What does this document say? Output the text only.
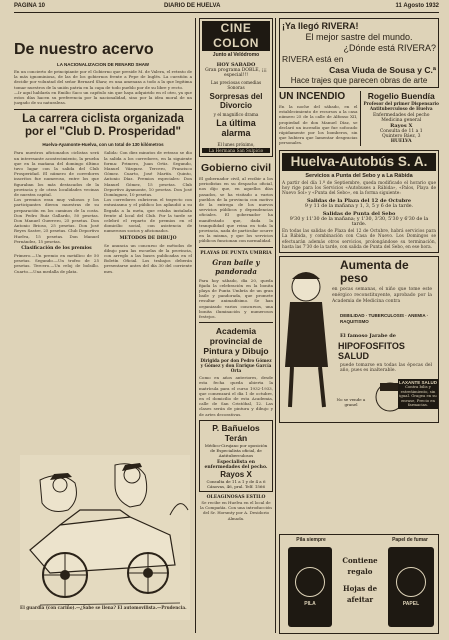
PAGINA 10	DIARIO DE HUELVA	11 Agosto 1932
De nuestro acervo
LA NACIONALIZACION DE RENARD SHAW
En un concierto de principiante por el Gobierno que preside M. de Valera, el retrato de la más ignominiosa, de las de los gobiernos frente a Pepe de Inglés. La cuestión a decidir por voluntad del señor Bernard Shaw, es una amenaza a todo a la que legitima tomar nuestros de la unión patria en la capa de todo pueblo por de su libre y recto.
—Ir aquí hablaría en Emilio Saco un capítulo sin que haya adquirido en el otro, ya que estos días hacen su preferencia por la nacionalidad, sino por la idea moral de un juzgado de su naturaleza.
La carrera ciclista organizada por el "Club D. Prosperidad"
Huelva-Ayamonte-Huelva, con un total de 130 kilómetros
Para nuestros aficionados ciclistas será un interesante acontecimiento, la prueba que en la mañana del domingo último tuvo lugar con la salida del Club Prosperidad. El número de corredores inscritos fue numeroso, entre los que figuraban los más destacados de la provincia y de otras localidades vecinas de nuestra capital.
Los premios eran muy valiosos y los participantes dieron muestras de su preparación en los caminos de la costa. Don Pedro Ruiz Gallardo, 50 pesetas. Don Manuel Guerrero, 25 pesetas. Don Antonio Brioso, 25 pesetas. Don José Reyes Sastre, 25 pesetas. Club Deportivo Huelva, 15 pesetas. Don Manuel Fernández, 15 pesetas.
Clasificación de los premios
Primero.—Un premio en metálico de 50 pesetas. Segundo.—Un trofeo de 25 pesetas. Tercero.—Un reloj de bolsillo. Cuarto.—Una medalla de plata.
Salida: Con diez minutos de retraso se dio la salida a los corredores, en la siguiente forma: Primero, Juan Ortiz. Segundo, Manuel Vázquez. Tercero, Francisco Gómez. Cuarto, José Martín. Quinto, Antonio Díaz. Premios especiales: Don Manuel Gómez, 15 pesetas. Club Deportivo Ayamonte, 10 pesetas. Don José Domínguez, 10 pesetas.
Los corredores cubrieron el trayecto con entusiasmo y el público los aplaudió a su llegada a la meta, que estaba instalada frente al local del Club. Por la tarde se celebró el reparto de premios en el domicilio social, con asistencia de numerosos socios y aficionados.
METODOS DE DIBUJO
Se anuncia un concurso de métodos de dibujo para las escuelas de la provincia, con arreglo a las bases publicadas en el Boletín Oficial. Los trabajos deberán presentarse antes del día 30 del corriente mes.
El guardia (con cariño).—¿Sabe se llena? El automovilista.—Prudencia.
CINE COLON
Junto al Velódromo
HOY SABADO
Gran programa DOBLE, ¡¡¡ especial!!!
Las preciosas comedias Sonoras
Sorpresas del Divorcio
y el magnifico drama
La última alarma
El lunes próximo,
La Hermana San Sulpicio
Gobierno civil
El gobernador civil, al recibir a los periodistas en su despacho oficial, nos dijo que, en aquellos días pasados, se ha visitado a varios pueblos de la provincia con motivo de la entrega de los nuevos servicios públicos y dependencias oficiales. El gobernador ha manifestado que, dada la tranquilidad que reina en toda la provincia, nada de particular ocurre en la misma, y que los servicios públicos funcionan con normalidad.
PLAYAS DE PUNTA UMBRIA
Gran baile y pandorada
Para hoy sábado, día 20, queda fijada la celebración en la bonita playa de Punta Umbría de un gran baile y pandorada, que promete resultar animadísimo. Se han organizado varios concursos, una bonita iluminación y numerosos festejos.
Academia provincial de Pintura y Dibujo
Dirigida por don Pedro Gómez y Gómez y don Enrique García Orta
Como en años anteriores, desde esta fecha queda abierta la matrícula para el curso 1932-1933, que comenzará el día 1 de octubre, en el domicilio de esta Academia, calle de San Cristóbal, 12. Las clases serán de pintura y dibujo y de artes decorativas.
P. Bañuelos Terán
Médico-Cirujano por oposición de Especialista oficial, de Antituberculosos
Especialista en enfermedades del pecho.
Rayos X
Consulta de 11 a 1 y de 4 a 6
Cánovas, 46, pral. Telf. 1566
OLEAGINOSAS ESTILO
Se recibe en Huelva en el local de la Compañía. Con una introducción del Sr. Horsmty por A. Desidorio Almada.
¡Ya llegó RIVERA!
El mejor sastre del mundo.
¿Dónde está RIVERA?
RIVERA está en
Casa Viuda de Sousa y C.ª
Hace trajes que parecen obras de arte
UN INCENDIO
En la noche del sábado, en el establecimiento de recursos a la casa número 25 de la calle de Alfonso XII, propiedad de don Manuel Díaz, se declaró un incendio que fue sofocado rápidamente por los bomberos, sin que hubiera que lamentar desgracias personales.
Rogelio Buendía
Profesor del primer Dispensario Antituberculoso de Huelva
Enfermedades del pecho
Medicina general
Rayos X
Consulta de 11 a 1
Quintero Báez, 3
HUELVA
Huelva-Autobús S. A.
Servicios a Punta del Sebo y a La Rábida
A partir del día 1.º de Septiembre, queda modificado el horario que hoy rige para los Servicios «Autobuses a Rábida», «Palos, Playa de Nuevo Sol» y «Punta del Sebo», en la forma siguiente:
Salidas de la Plaza del 12 de Octubre
9 y 11 de la mañana y 1, 3, 5 y 6 de la tarde.
Salidas de Punta del Sebo
9'30 y 11'30 de la mañana; y 1'30, 3'30, 5'30 y 6'30 de la tarde.
En todas las salidas de Plaza del 12 de Octubre, habrá servicios para La Rábida, y combinación con Casa de Nuevo. Los Domingos se efectuarán además otros servicios, prolongándose su terminación, hasta las 7'30 de la tarde, con salida de Punta del Sebo, en ese hora.
Aumenta de peso
en pocas semanas, el niño que tome este enérgico reconstituyente, aprobado por la Academia de Medicina contra
DEBILIDAD · TUBERCULOSIS · ANEMIA · RAQUITISMO
El famoso Jarabe de
HIPOFOSFITOS SALUD
puede tomarse en todas las épocas del año, pues es inalterable.
LAXANTE SALUD
Contra bilis y estreñimiento, sin igual. Gragea en su envase, Precio en farmacias.
No se vende a granel
Pila siempre	Papel de fumar
PILA
Contiene
regalo
Hojas de
afeitar	PAPEL
